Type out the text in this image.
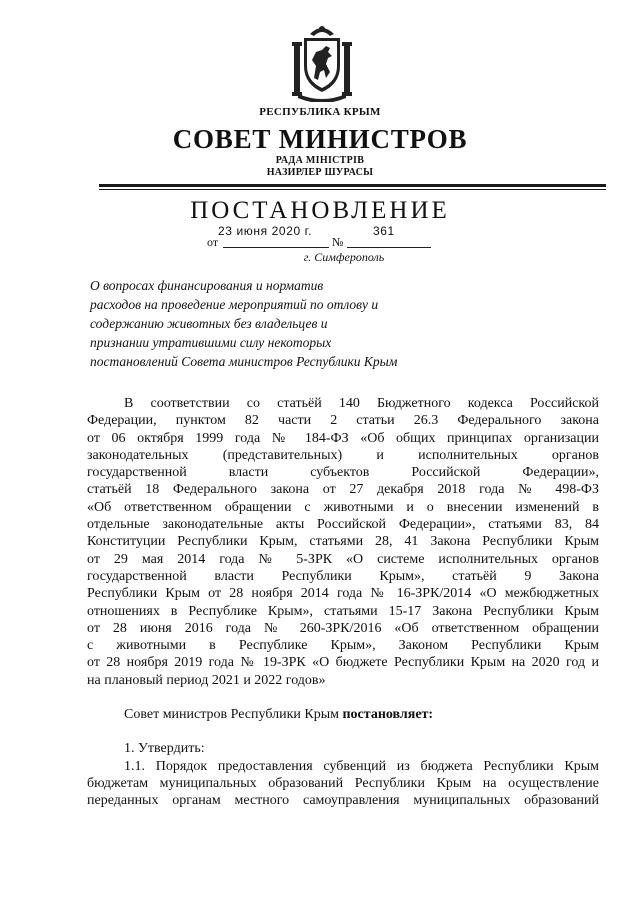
РЕСПУБЛИКА КРЫМ
СОВЕТ МИНИСТРОВ
РАДА МІНІСТРІВ
НАЗИРЛЕР ШУРАСЫ
ПОСТАНОВЛЕНИЕ
23 июня 2020 г.	361
от	№
г. Симферополь
О вопросах финансирования и норматив
расходов на проведение мероприятий по отлову и
содержанию животных без владельцев и
признании утратившими силу некоторых
постановлений Совета министров Республики Крым
В соответствии со статьёй 140 Бюджетного кодекса Российской
Федерации, пунктом 82 части 2 статьи 26.3 Федерального закона
от 06 октября 1999 года № 184-ФЗ «Об общих принципах организации
законодательных (представительных) и исполнительных органов
государственной власти субъектов Российской Федерации»,
статьёй 18 Федерального закона от 27 декабря 2018 года № 498-ФЗ
«Об ответственном обращении с животными и о внесении изменений в
отдельные законодательные акты Российской Федерации», статьями 83, 84
Конституции Республики Крым, статьями 28, 41 Закона Республики Крым
от 29 мая 2014 года № 5-ЗРК «О системе исполнительных органов
государственной власти Республики Крым», статьёй 9 Закона
Республики Крым от 28 ноября 2014 года № 16-ЗРК/2014 «О межбюджетных
отношениях в Республике Крым», статьями 15-17 Закона Республики Крым
от 28 июня 2016 года № 260-ЗРК/2016 «Об ответственном обращении
с животными в Республике Крым», Законом Республики Крым
от 28 ноября 2019 года № 19-ЗРК «О бюджете Республики Крым на 2020 год и
на плановый период 2021 и 2022 годов»
Совет министров Республики Крым постановляет:
1. Утвердить:
1.1. Порядок предоставления субвенций из бюджета Республики Крым
бюджетам муниципальных образований Республики Крым на осуществление
переданных органам местного самоуправления муниципальных образований
